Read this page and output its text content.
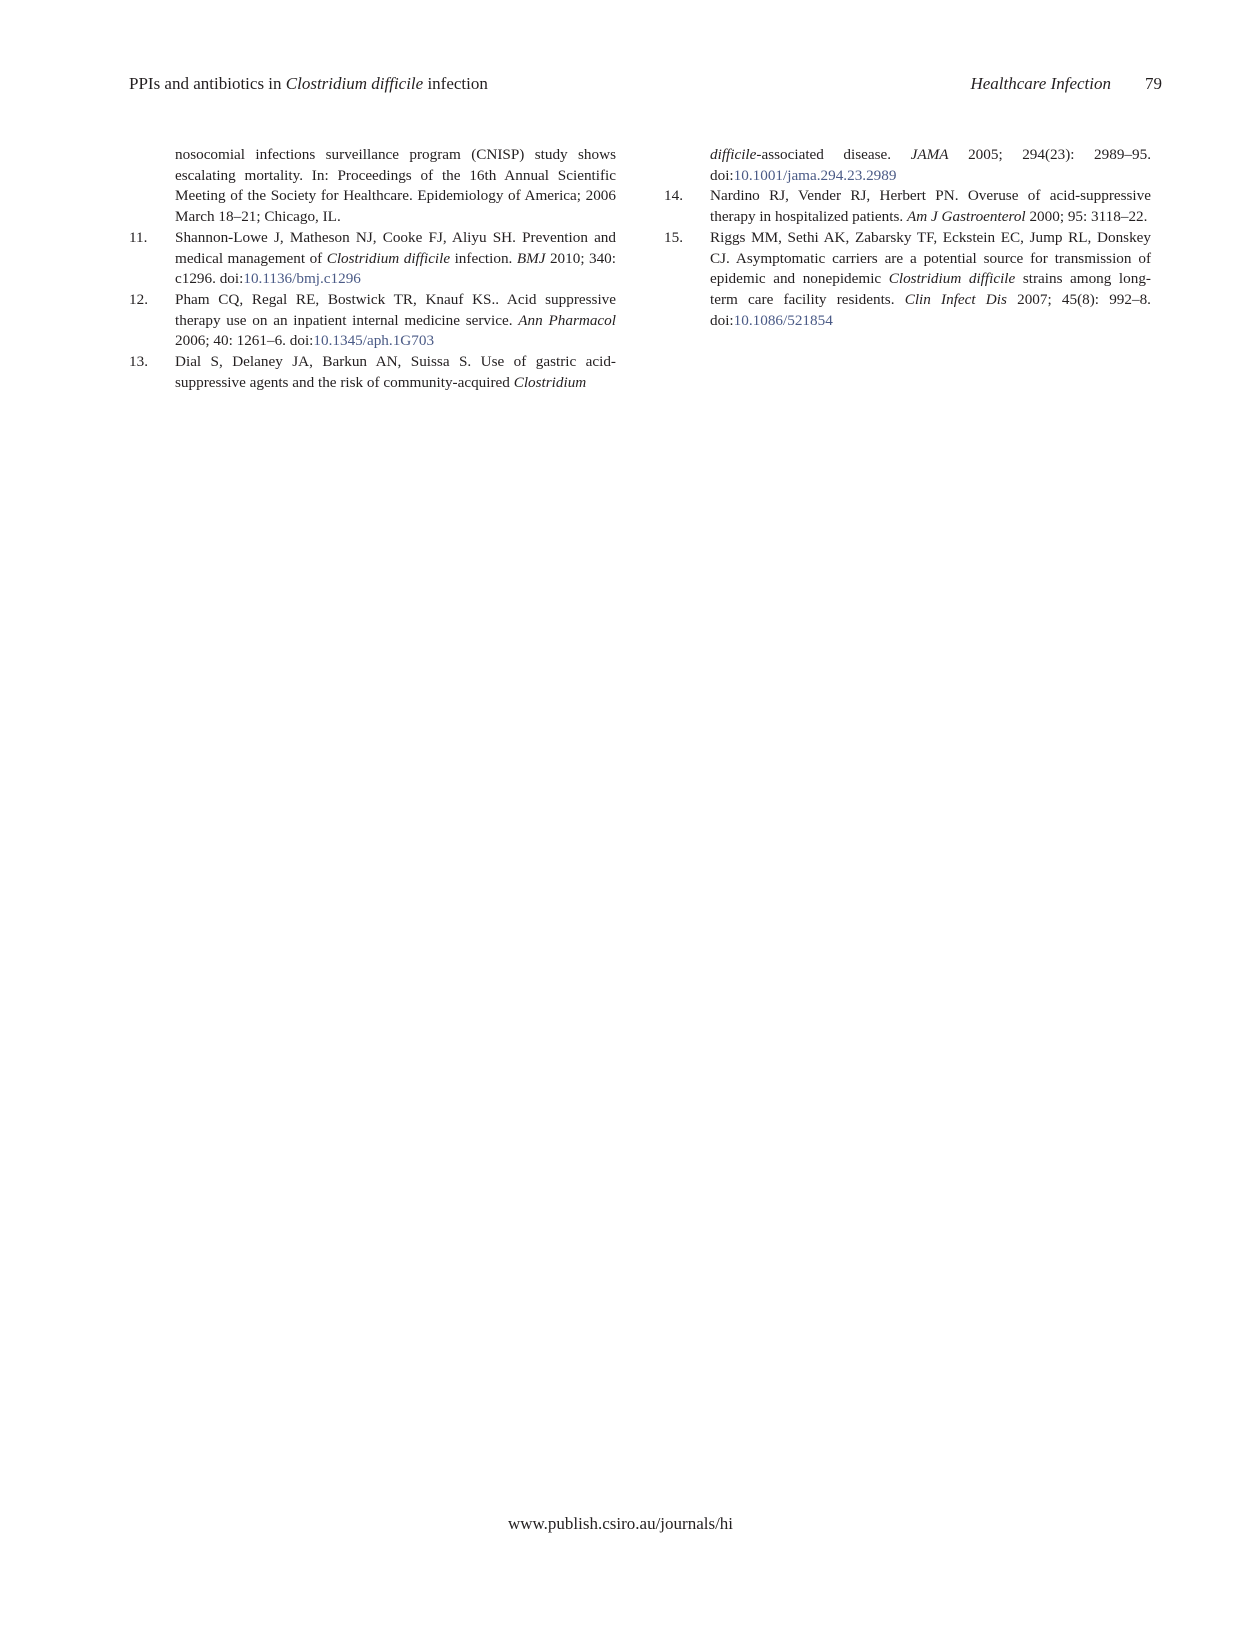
PPIs and antibiotics in Clostridium difficile infection	Healthcare Infection 79
nosocomial infections surveillance program (CNISP) study shows escalating mortality. In: Proceedings of the 16th Annual Scientific Meeting of the Society for Healthcare. Epidemiology of America; 2006 March 18–21; Chicago, IL.
11. Shannon-Lowe J, Matheson NJ, Cooke FJ, Aliyu SH. Prevention and medical management of Clostridium difficile infection. BMJ 2010; 340: c1296. doi:10.1136/bmj.c1296
12. Pham CQ, Regal RE, Bostwick TR, Knauf KS.. Acid suppressive therapy use on an inpatient internal medicine service. Ann Pharmacol 2006; 40: 1261–6. doi:10.1345/aph.1G703
13. Dial S, Delaney JA, Barkun AN, Suissa S. Use of gastric acid-suppressive agents and the risk of community-acquired Clostridium
difficile-associated disease. JAMA 2005; 294(23): 2989–95. doi:10.1001/jama.294.23.2989
14. Nardino RJ, Vender RJ, Herbert PN. Overuse of acid-suppressive therapy in hospitalized patients. Am J Gastroenterol 2000; 95: 3118–22.
15. Riggs MM, Sethi AK, Zabarsky TF, Eckstein EC, Jump RL, Donskey CJ. Asymptomatic carriers are a potential source for transmission of epidemic and nonepidemic Clostridium difficile strains among long-term care facility residents. Clin Infect Dis 2007; 45(8): 992–8. doi:10.1086/521854
www.publish.csiro.au/journals/hi
